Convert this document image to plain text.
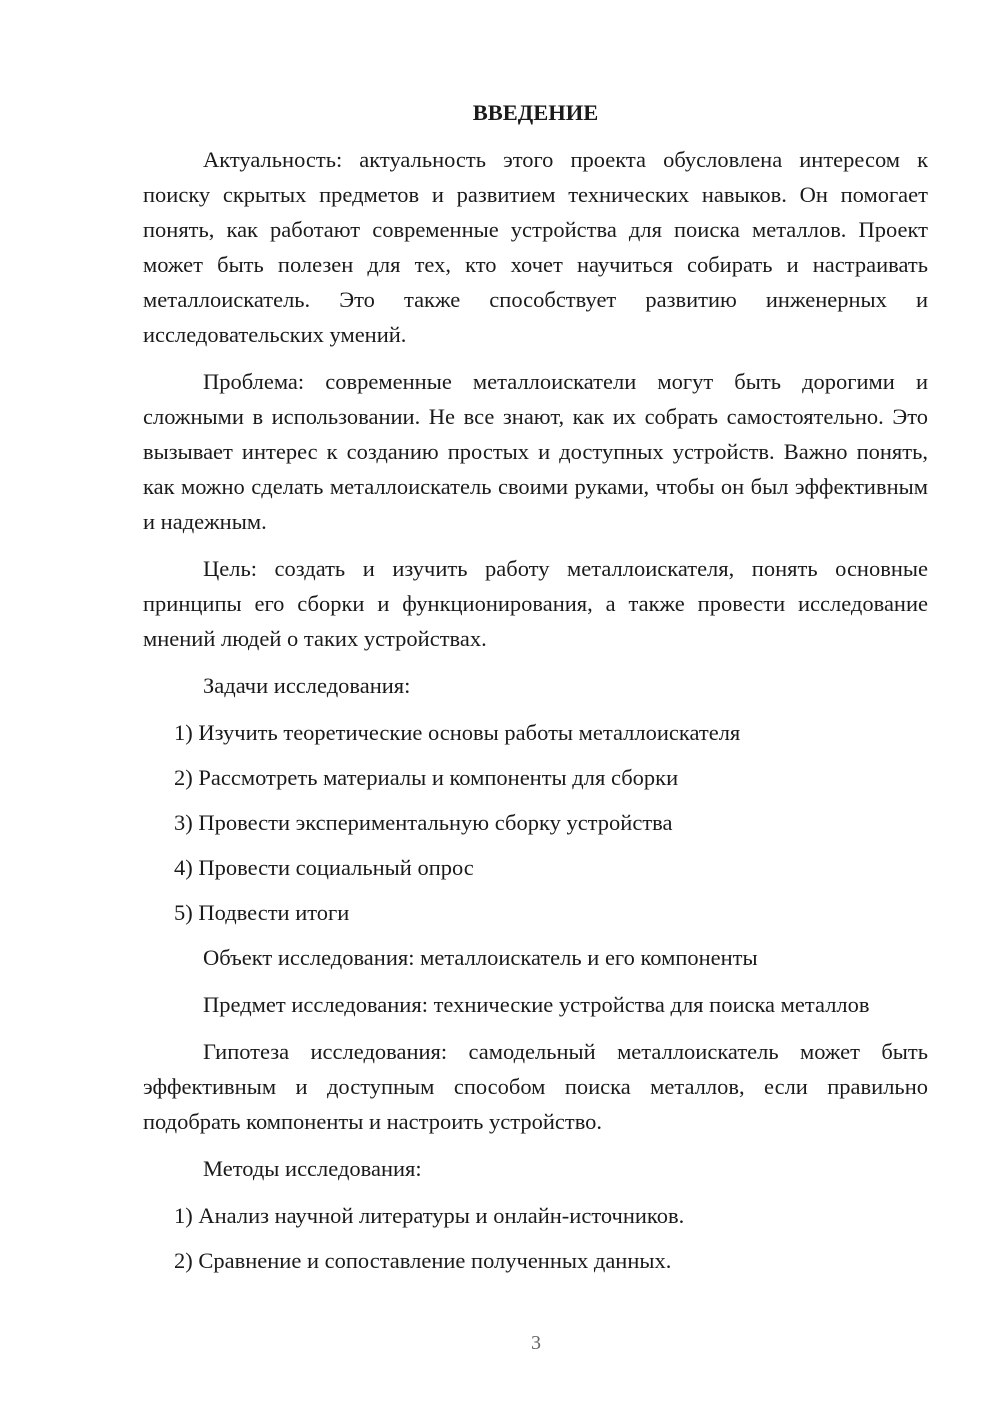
ВВЕДЕНИЕ

Актуальность: актуальность этого проекта обусловлена интересом к поиску скрытых предметов и развитием технических навыков. Он помогает понять, как работают современные устройства для поиска металлов. Проект может быть полезен для тех, кто хочет научиться собирать и настраивать металлоискатель. Это также способствует развитию инженерных и исследовательских умений.

Проблема: современные металлоискатели могут быть дорогими и сложными в использовании. Не все знают, как их собрать самостоятельно. Это вызывает интерес к созданию простых и доступных устройств. Важно понять, как можно сделать металлоискатель своими руками, чтобы он был эффективным и надежным.

Цель: создать и изучить работу металлоискателя, понять основные принципы его сборки и функционирования, а также провести исследование мнений людей о таких устройствах.

Задачи исследования:

1) Изучить теоретические основы работы металлоискателя
2) Рассмотреть материалы и компоненты для сборки
3) Провести экспериментальную сборку устройства
4) Провести социальный опрос
5) Подвести итоги

Объект исследования: металлоискатель и его компоненты

Предмет исследования: технические устройства для поиска металлов

Гипотеза исследования: самодельный металлоискатель может быть эффективным и доступным способом поиска металлов, если правильно подобрать компоненты и настроить устройство.

Методы исследования:

1) Анализ научной литературы и онлайн-источников.
2) Сравнение и сопоставление полученных данных.
3
